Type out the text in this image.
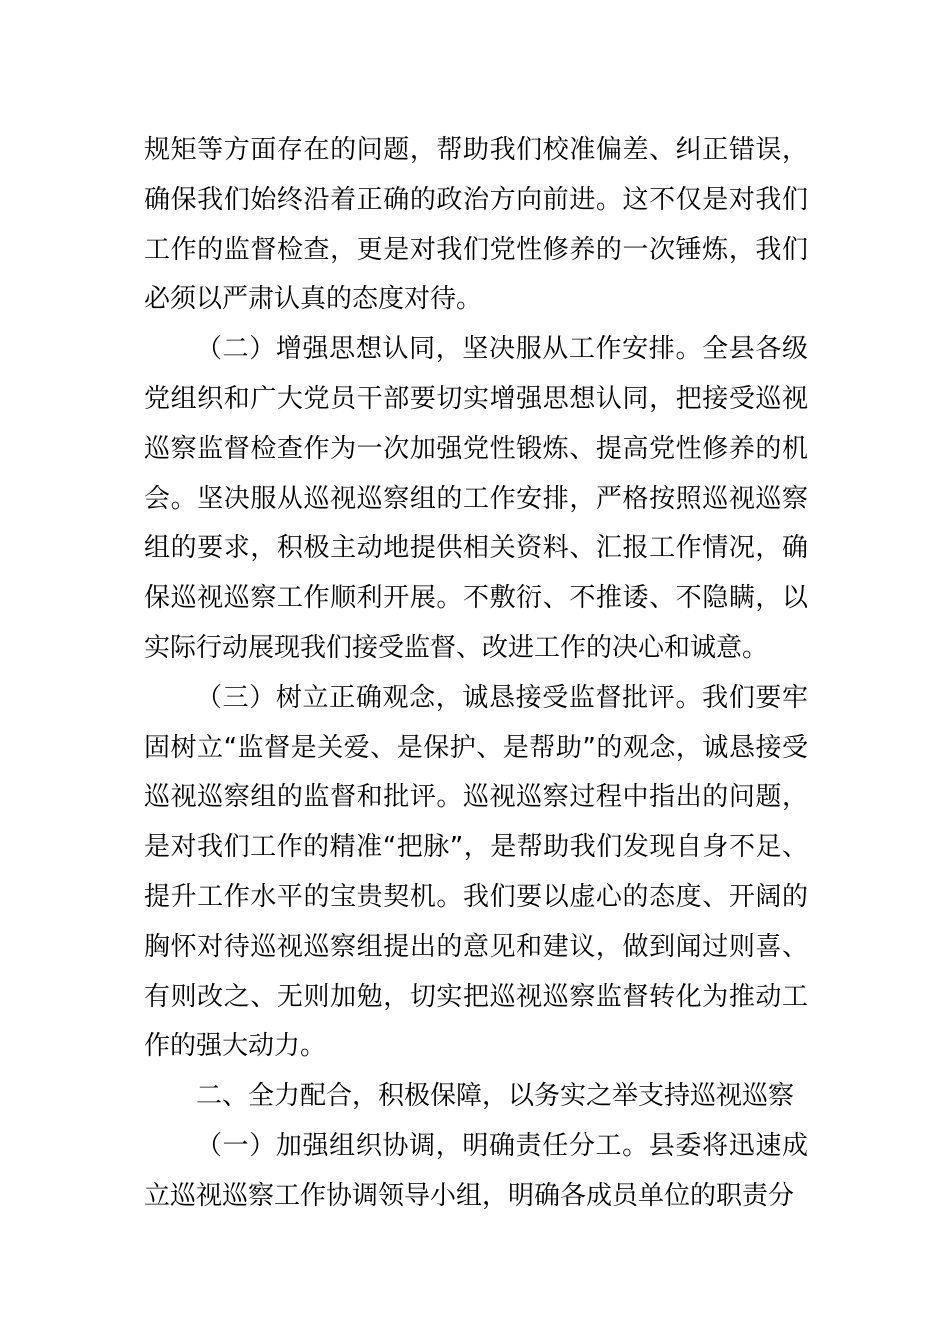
规矩等方面存在的问题，帮助我们校准偏差、纠正错误，确保我们始终沿着正确的政治方向前进。这不仅是对我们工作的监督检查，更是对我们党性修养的一次锤炼，我们必须以严肃认真的态度对待。

（二）增强思想认同，坚决服从工作安排。全县各级党组织和广大党员干部要切实增强思想认同，把接受巡视巡察监督检查作为一次加强党性锻炼、提高党性修养的机会。坚决服从巡视巡察组的工作安排，严格按照巡视巡察组的要求，积极主动地提供相关资料、汇报工作情况，确保巡视巡察工作顺利开展。不敷衍、不推诿、不隐瞒，以实际行动展现我们接受监督、改进工作的决心和诚意。

（三）树立正确观念，诚恳接受监督批评。我们要牢固树立“监督是关爱、是保护、是帮助”的观念，诚恳接受巡视巡察组的监督和批评。巡视巡察过程中指出的问题，是对我们工作的精准“把脉”，是帮助我们发现自身不足、提升工作水平的宝贵契机。我们要以虚心的态度、开阔的胸怀对待巡视巡察组提出的意见和建议，做到闻过则喜、有则改之、无则加勉，切实把巡视巡察监督转化为推动工作的强大动力。

二、全力配合，积极保障，以务实之举支持巡视巡察

（一）加强组织协调，明确责任分工。县委将迅速成立巡视巡察工作协调领导小组，明确各成员单位的职责分
